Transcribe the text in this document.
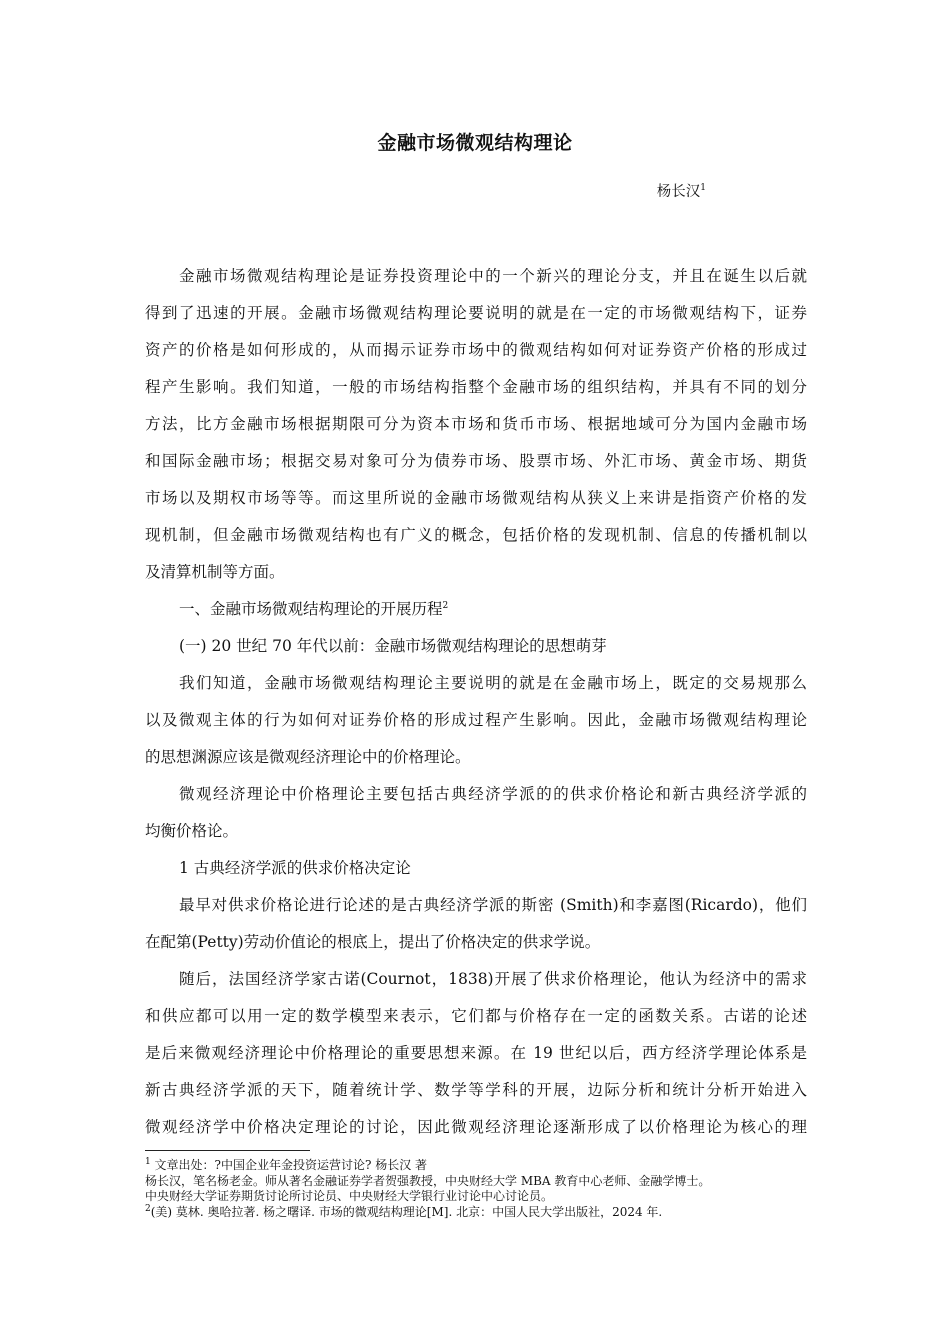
金融市场微观结构理论
杨长汉$^1$
金融市场微观结构理论是证券投资理论中的一个新兴的理论分支，并且在诞生以后就
得到了迅速的开展。金融市场微观结构理论要说明的就是在一定的市场微观结构下，证券
资产的价格是如何形成的，从而揭示证券市场中的微观结构如何对证券资产价格的形成过
程产生影响。我们知道，一般的市场结构指整个金融市场的组织结构，并具有不同的划分
方法，比方金融市场根据期限可分为资本市场和货币市场、根据地域可分为国内金融市场
和国际金融市场；根据交易对象可分为债券市场、股票市场、外汇市场、黄金市场、期货
市场以及期权市场等等。而这里所说的金融市场微观结构从狭义上来讲是指资产价格的发
现机制，但金融市场微观结构也有广义的概念，包括价格的发现机制、信息的传播机制以
及清算机制等方面。
一、金融市场微观结构理论的开展历程$^2$
(一) 20 世纪 70 年代以前：金融市场微观结构理论的思想萌芽
我们知道，金融市场微观结构理论主要说明的就是在金融市场上，既定的交易规那么
以及微观主体的行为如何对证券价格的形成过程产生影响。因此，金融市场微观结构理论
的思想渊源应该是微观经济理论中的价格理论。
微观经济理论中价格理论主要包括古典经济学派的的供求价格论和新古典经济学派的
均衡价格论。
1 古典经济学派的供求价格决定论
最早对供求价格论进行论述的是古典经济学派的斯密 (Smith)和李嘉图(Ricardo)，他们
在配第(Petty)劳动价值论的根底上，提出了价格决定的供求学说。
随后，法国经济学家古诺(Cournot，1838)开展了供求价格理论，他认为经济中的需求
和供应都可以用一定的数学模型来表示，它们都与价格存在一定的函数关系。古诺的论述
是后来微观经济理论中价格理论的重要思想来源。在 19 世纪以后，西方经济学理论体系是
新古典经济学派的天下，随着统计学、数学等学科的开展，边际分析和统计分析开始进入
微观经济学中价格决定理论的讨论，因此微观经济理论逐渐形成了以价格理论为核心的理
$^1$ 文章出处：?中国企业年金投资运营讨论? 杨长汉 著
杨长汉，笔名杨老金。师从著名金融证券学者贺强教授，中央财经大学 MBA 教育中心老师、金融学博士。
中央财经大学证券期货讨论所讨论员、中央财经大学银行业讨论中心讨论员。
$^2$(美) 莫林. 奥哈拉著. 杨之曙译. 市场的微观结构理论[M]. 北京：中国人民大学出版社，2024 年.
